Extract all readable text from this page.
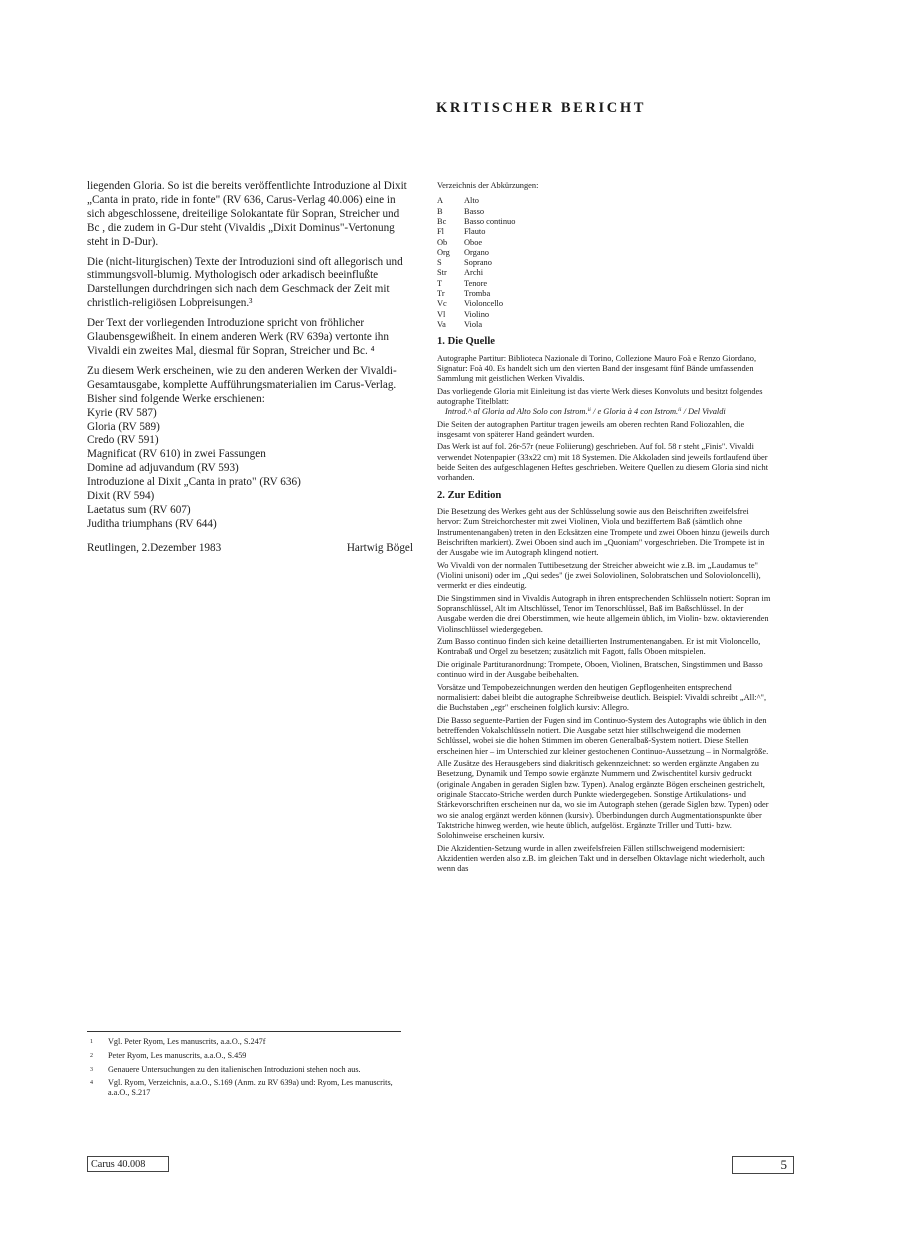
KRITISCHER BERICHT

liegenden Gloria. So ist die bereits veröffentlichte Introduzione al Dixit „Canta in prato, ride in fonte" (RV 636, Carus-Verlag 40.006) eine in sich abgeschlossene, dreiteilige Solokantate für Sopran, Streicher und Bc , die zudem in G-Dur steht (Vivaldis „Dixit Dominus"-Vertonung steht in D-Dur).

Die (nicht-liturgischen) Texte der Introduzioni sind oft allegorisch und stimmungsvoll-blumig. Mythologisch oder arkadisch beeinflußte Darstellungen durchdringen sich nach dem Geschmack der Zeit mit christlich-religiösen Lobpreisungen.³

Der Text der vorliegenden Introduzione spricht von fröhlicher Glaubensgewißheit. In einem anderen Werk (RV 639a) vertonte ihn Vivaldi ein zweites Mal, diesmal für Sopran, Streicher und Bc. ⁴

Zu diesem Werk erscheinen, wie zu den anderen Werken der Vivaldi-Gesamtausgabe, komplette Aufführungsmaterialien im Carus-Verlag. Bisher sind folgende Werke erschienen:

Kyrie (RV 587)
Gloria (RV 589)
Credo (RV 591)
Magnificat (RV 610) in zwei Fassungen
Domine ad adjuvandum (RV 593)
Introduzione al Dixit „Canta in prato" (RV 636)
Dixit (RV 594)
Laetatus sum (RV 607)
Juditha triumphans (RV 644)
Reutlingen, 2.Dezember 1983	Hartwig Bögel
Verzeichnis der Abkürzungen:
A	Alto
B	Basso
Bc	Basso continuo
Fl	Flauto
Ob	Oboe
Org	Organo
S	Soprano
Str	Archi
T	Tenore
Tr	Tromba
Vc	Violoncello
Vl	Violino
Va	Viola
1. Die Quelle

Autographe Partitur: Biblioteca Nazionale di Torino, Collezione Mauro Foà e Renzo Giordano, Signatur: Foà 40. Es handelt sich um den vierten Band der insgesamt fünf Bände umfassenden Sammlung mit geistlichen Werken Vivaldis.

Das vorliegende Gloria mit Einleitung ist das vierte Werk dieses Konvoluts und besitzt folgendes autographe Titelblatt:

Introd.^ al Gloria ad Alto Solo con Istrom.ⁱⁱ / e Gloria à 4 con Istrom.ⁱⁱ / Del Vivaldi

Die Seiten der autographen Partitur tragen jeweils am oberen rechten Rand Foliozahlen, die insgesamt von späterer Hand geändert wurden.

Das Werk ist auf fol. 26r-57r (neue Foliierung) geschrieben. Auf fol. 58 r steht „Finis". Vivaldi verwendet Notenpapier (33x22 cm) mit 18 Systemen. Die Akkoladen sind jeweils fortlaufend über beide Seiten des aufgeschlagenen Heftes geschrieben. Weitere Quellen zu diesem Gloria sind nicht vorhanden.

2. Zur Edition

Die Besetzung des Werkes geht aus der Schlüsselung sowie aus den Beischriften zweifelsfrei hervor: Zum Streichorchester mit zwei Violinen, Viola und beziffertem Baß (sämtlich ohne Instrumentenangaben) treten in den Ecksätzen eine Trompete und zwei Oboen hinzu (jeweils durch Beischriften markiert). Zwei Oboen sind auch im „Quoniam" vorgeschrieben. Die Trompete ist in der Ausgabe wie im Autograph klingend notiert.

Wo Vivaldi von der normalen Tuttibesetzung der Streicher abweicht wie z.B. im „Laudamus te" (Violini unisoni) oder im „Qui sedes" (je zwei Soloviolinen, Solobratschen und Solovioloncelli), vermerkt er dies eindeutig.

Die Singstimmen sind in Vivaldis Autograph in ihren entsprechenden Schlüsseln notiert: Sopran im Sopranschlüssel, Alt im Altschlüssel, Tenor im Tenorschlüssel, Baß im Baßschlüssel. In der Ausgabe werden die drei Oberstimmen, wie heute allgemein üblich, im Violin- bzw. oktavierenden Violinschlüssel wiedergegeben.

Zum Basso continuo finden sich keine detaillierten Instrumentenangaben. Er ist mit Violoncello, Kontrabaß und Orgel zu besetzen; zusätzlich mit Fagott, falls Oboen mitspielen.

Die originale Partituranordnung: Trompete, Oboen, Violinen, Bratschen, Singstimmen und Basso continuo wird in der Ausgabe beibehalten.

Vorsätze und Tempobezeichnungen werden den heutigen Gepflogenheiten entsprechend normalisiert: dabei bleibt die autographe Schreibweise deutlich. Beispiel: Vivaldi schreibt „All:^", die Buchstaben „egr" erscheinen folglich kursiv: Allegro.

Die Basso seguente-Partien der Fugen sind im Continuo-System des Autographs wie üblich in den betreffenden Vokalschlüsseln notiert. Die Ausgabe setzt hier stillschweigend die modernen Schlüssel, wobei sie die hohen Stimmen im oberen Generalbaß-System notiert. Diese Stellen erscheinen hier – im Unterschied zur kleiner gestochenen Continuo-Aussetzung – in Normalgröße.

Alle Zusätze des Herausgebers sind diakritisch gekennzeichnet: so werden ergänzte Angaben zu Besetzung, Dynamik und Tempo sowie ergänzte Nummern und Zwischentitel kursiv gedruckt (originale Angaben in geraden Siglen bzw. Typen). Analog ergänzte Bögen erscheinen gestrichelt, originale Staccato-Striche werden durch Punkte wiedergegeben. Sonstige Artikulations- und Stärkevorschriften erscheinen nur da, wo sie im Autograph stehen (gerade Siglen bzw. Typen) oder wo sie analog ergänzt werden können (kursiv). Überbindungen durch Augmentationspunkte über Taktstriche hinweg werden, wie heute üblich, aufgelöst. Ergänzte Triller und Tutti- bzw. Solohinweise erscheinen kursiv.

Die Akzidentien-Setzung wurde in allen zweifelsfreien Fällen stillschweigend modernisiert: Akzidentien werden also z.B. im gleichen Takt und in derselben Oktavlage nicht wiederholt, auch wenn das

1	Vgl. Peter Ryom, Les manuscrits, a.a.O., S.247f
2	Peter Ryom, Les manuscrits, a.a.O., S.459
3	Genauere Untersuchungen zu den italienischen Introduzioni stehen noch aus.
4	Vgl. Ryom, Verzeichnis, a.a.O., S.169 (Anm. zu RV 639a) und: Ryom, Les manuscrits, a.a.O., S.217
Carus 40.008	5
